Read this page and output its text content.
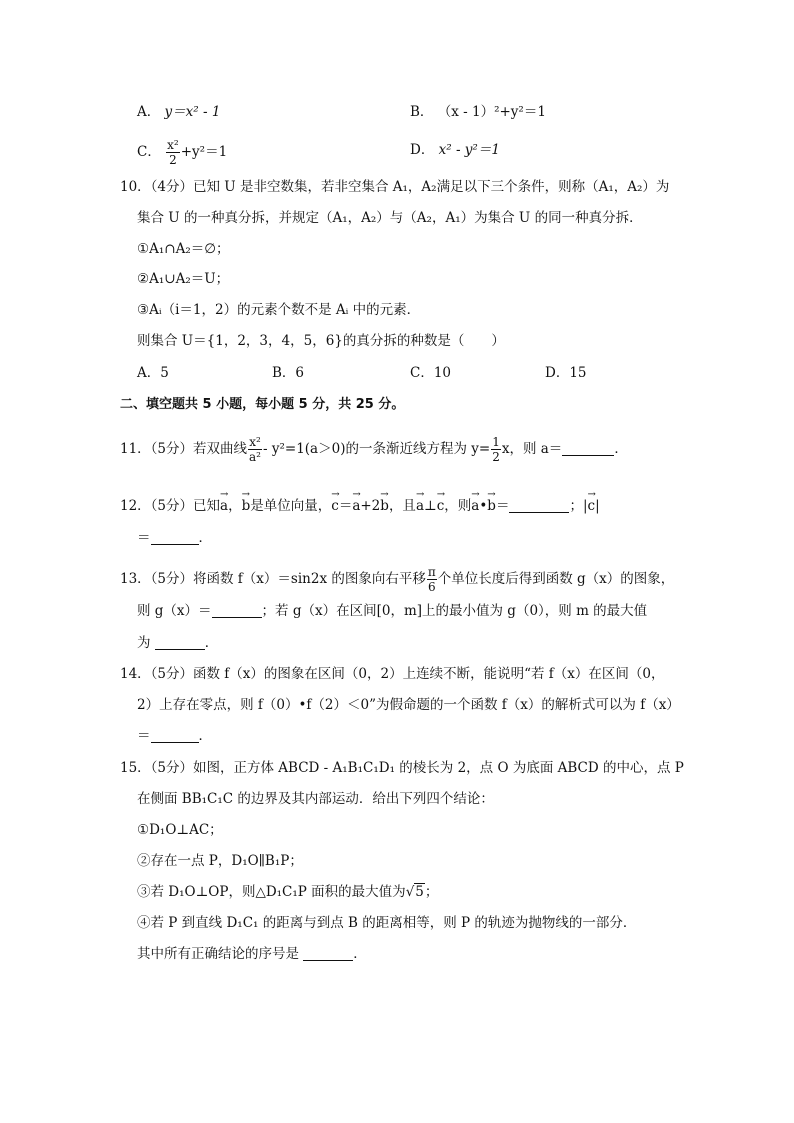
A． y＝x² - 1	B． （x - 1）²+y²＝1
C． $\frac{\text{x²}}{2} +y^2=1$	D． x² - y²＝1
10．（4分）已知 U 是非空数集，若非空集合 A₁，A₂满足以下三个条件，则称（A₁，A₂）为
集合 U 的一种真分拆，并规定（A₁，A₂）与（A₂，A₁）为集合 U 的同一种真分拆．
①A₁∩A₂＝∅；
②A₁∪A₂＝U；
③Aᵢ（i＝1，2）的元素个数不是 Aᵢ 中的元素．
则集合 U＝{1，2，3，4，5，6}的真分拆的种数是（　　）
A．5	B．6	C．10	D．15
二、填空题共 5 小题，每小题 5 分，共 25 分。
11．（5分）若双曲线 $\frac{\text{x²}}{\text{a²}} - y^2=1(a>0)$的一条渐近线方程为 $y= \frac{1}{2}$ x，则 a＝	．
12．（5分）已知→ a，→ b是单位向量，→ c＝→ a+2→ b，且→ a⊥→ c，则→ a•→ b＝	；|→ c|
＝	．
13．（5分）将函数 f（x）＝sin2x 的图象向右平移 $\frac{\pi}{6}$ 个单位长度后得到函数 g（x）的图象，
则 g（x）＝	；若 g（x）在区间[0，m]上的最小值为 g（0），则 m 的最大值
为	．
14．（5分）函数 f（x）的图象在区间（0，2）上连续不断，能说明“若 f（x）在区间（0，
2）上存在零点，则 f（0）•f（2）＜0”为假命题的一个函数 f（x）的解析式可以为 f（x）
＝	．
15．（5分）如图，正方体 ABCD - A₁B₁C₁D₁ 的棱长为 2，点 O 为底面 ABCD 的中心，点 P
在侧面 BB₁C₁C 的边界及其内部运动．给出下列四个结论：
①D₁O⊥AC；
②存在一点 P，D₁O∥B₁P；
③若 D₁O⊥OP，则△D₁C₁P 面积的最大值为√5；
④若 P 到直线 D₁C₁ 的距离与到点 B 的距离相等，则 P 的轨迹为抛物线的一部分．
其中所有正确结论的序号是	．
